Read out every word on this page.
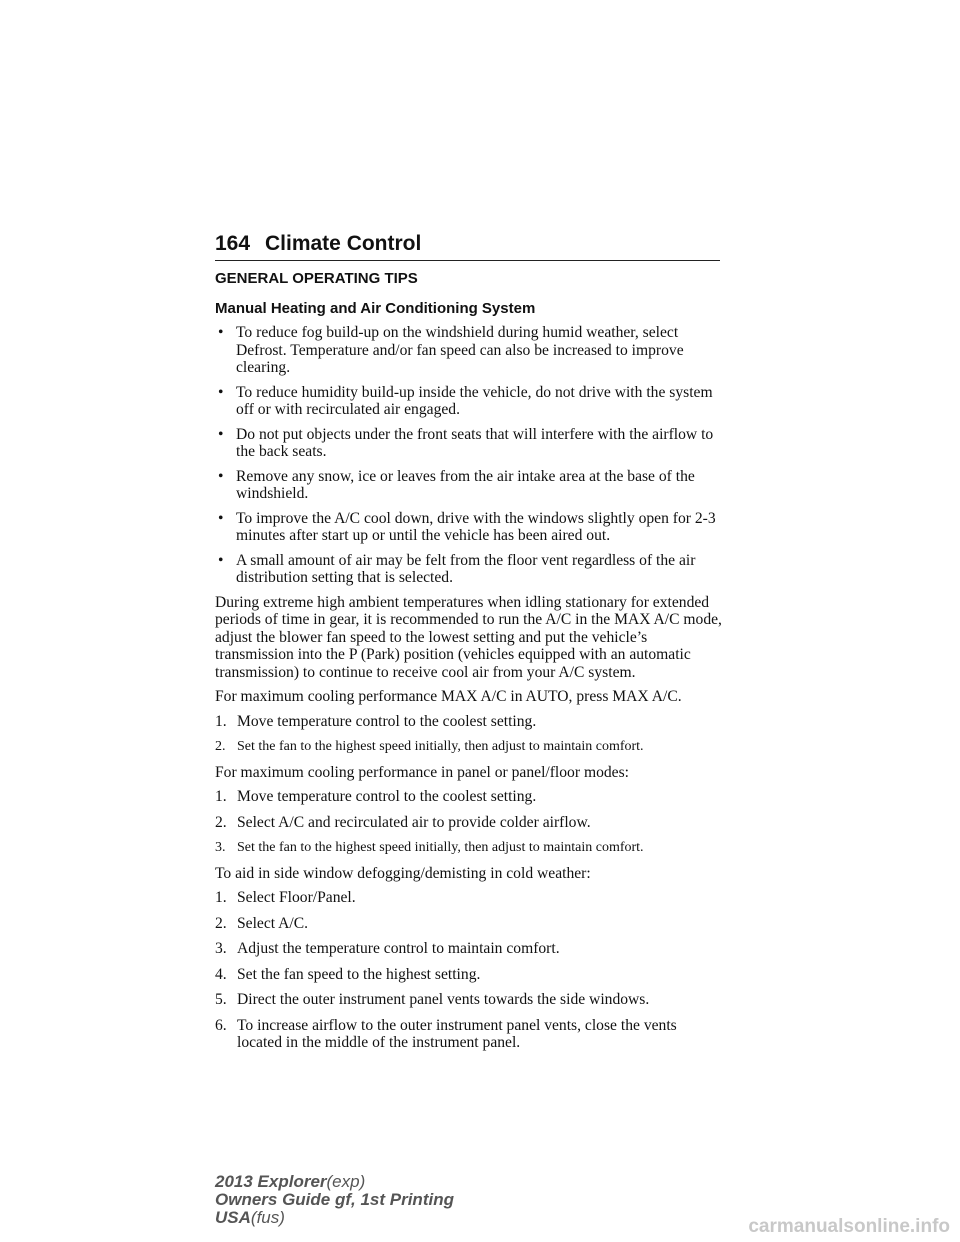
164 Climate Control
GENERAL OPERATING TIPS
Manual Heating and Air Conditioning System
• To reduce fog build-up on the windshield during humid weather, select Defrost. Temperature and/or fan speed can also be increased to improve clearing.
• To reduce humidity build-up inside the vehicle, do not drive with the system off or with recirculated air engaged.
• Do not put objects under the front seats that will interfere with the airflow to the back seats.
• Remove any snow, ice or leaves from the air intake area at the base of the windshield.
• To improve the A/C cool down, drive with the windows slightly open for 2-3 minutes after start up or until the vehicle has been aired out.
• A small amount of air may be felt from the floor vent regardless of the air distribution setting that is selected.

During extreme high ambient temperatures when idling stationary for extended periods of time in gear, it is recommended to run the A/C in the MAX A/C mode, adjust the blower fan speed to the lowest setting and put the vehicle’s transmission into the P (Park) position (vehicles equipped with an automatic transmission) to continue to receive cool air from your A/C system.

For maximum cooling performance MAX A/C in AUTO, press MAX A/C.

1. Move temperature control to the coolest setting.
2. Set the fan to the highest speed initially, then adjust to maintain comfort.

For maximum cooling performance in panel or panel/floor modes:

1. Move temperature control to the coolest setting.
2. Select A/C and recirculated air to provide colder airflow.
3. Set the fan to the highest speed initially, then adjust to maintain comfort.

To aid in side window defogging/demisting in cold weather:

1. Select Floor/Panel.
2. Select A/C.
3. Adjust the temperature control to maintain comfort.
4. Set the fan speed to the highest setting.
5. Direct the outer instrument panel vents towards the side windows.
6. To increase airflow to the outer instrument panel vents, close the vents located in the middle of the instrument panel.
2013 Explorer(exp)
Owners Guide gf, 1st Printing
USA(fus)	carmanualsonline.info
